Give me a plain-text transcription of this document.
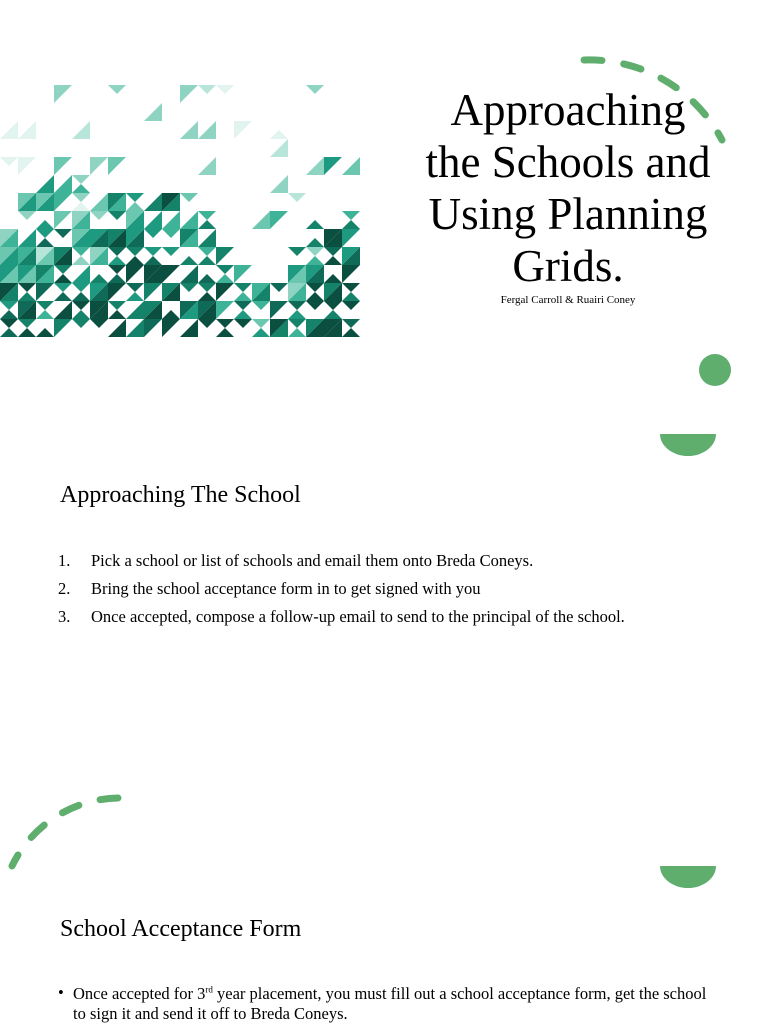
Approaching
the Schools and
Using Planning
Grids.
Fergal Carroll & Ruairi Coney
Approaching The School
1. Pick a school or list of schools and email them onto Breda Coneys.
2. Bring the school acceptance form in to get signed with you
3. Once accepted, compose a follow-up email to send to the principal of the school.
School Acceptance Form
• Once accepted for 3rd year placement, you must fill out a school acceptance form, get the school to sign it and send it off to Breda Coneys.
